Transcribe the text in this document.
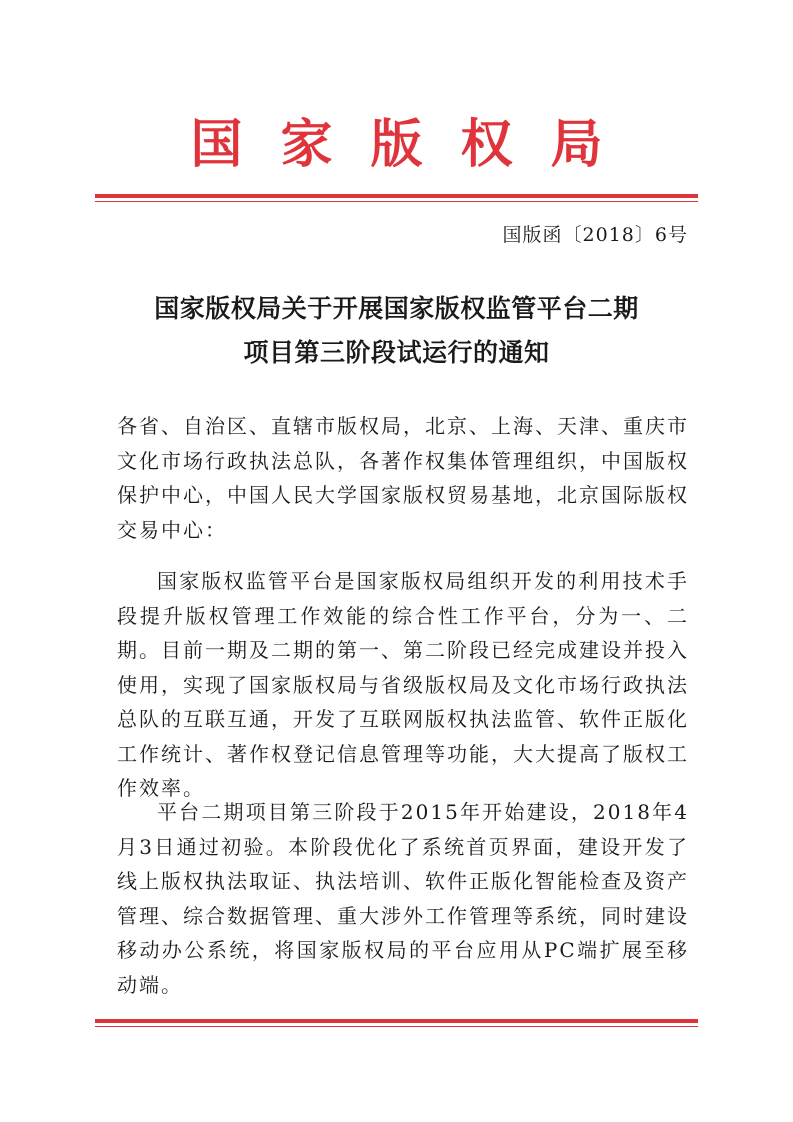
国家版权局
国版函〔2018〕6号
国家版权局关于开展国家版权监管平台二期
项目第三阶段试运行的通知
各省、自治区、直辖市版权局，北京、上海、天津、重庆市文化市场行政执法总队，各著作权集体管理组织，中国版权保护中心，中国人民大学国家版权贸易基地，北京国际版权交易中心：
国家版权监管平台是国家版权局组织开发的利用技术手段提升版权管理工作效能的综合性工作平台，分为一、二期。目前一期及二期的第一、第二阶段已经完成建设并投入使用，实现了国家版权局与省级版权局及文化市场行政执法总队的互联互通，开发了互联网版权执法监管、软件正版化工作统计、著作权登记信息管理等功能，大大提高了版权工作效率。
平台二期项目第三阶段于2015年开始建设，2018年4月3日通过初验。本阶段优化了系统首页界面，建设开发了线上版权执法取证、执法培训、软件正版化智能检查及资产管理、综合数据管理、重大涉外工作管理等系统，同时建设移动办公系统，将国家版权局的平台应用从PC端扩展至移动端。
